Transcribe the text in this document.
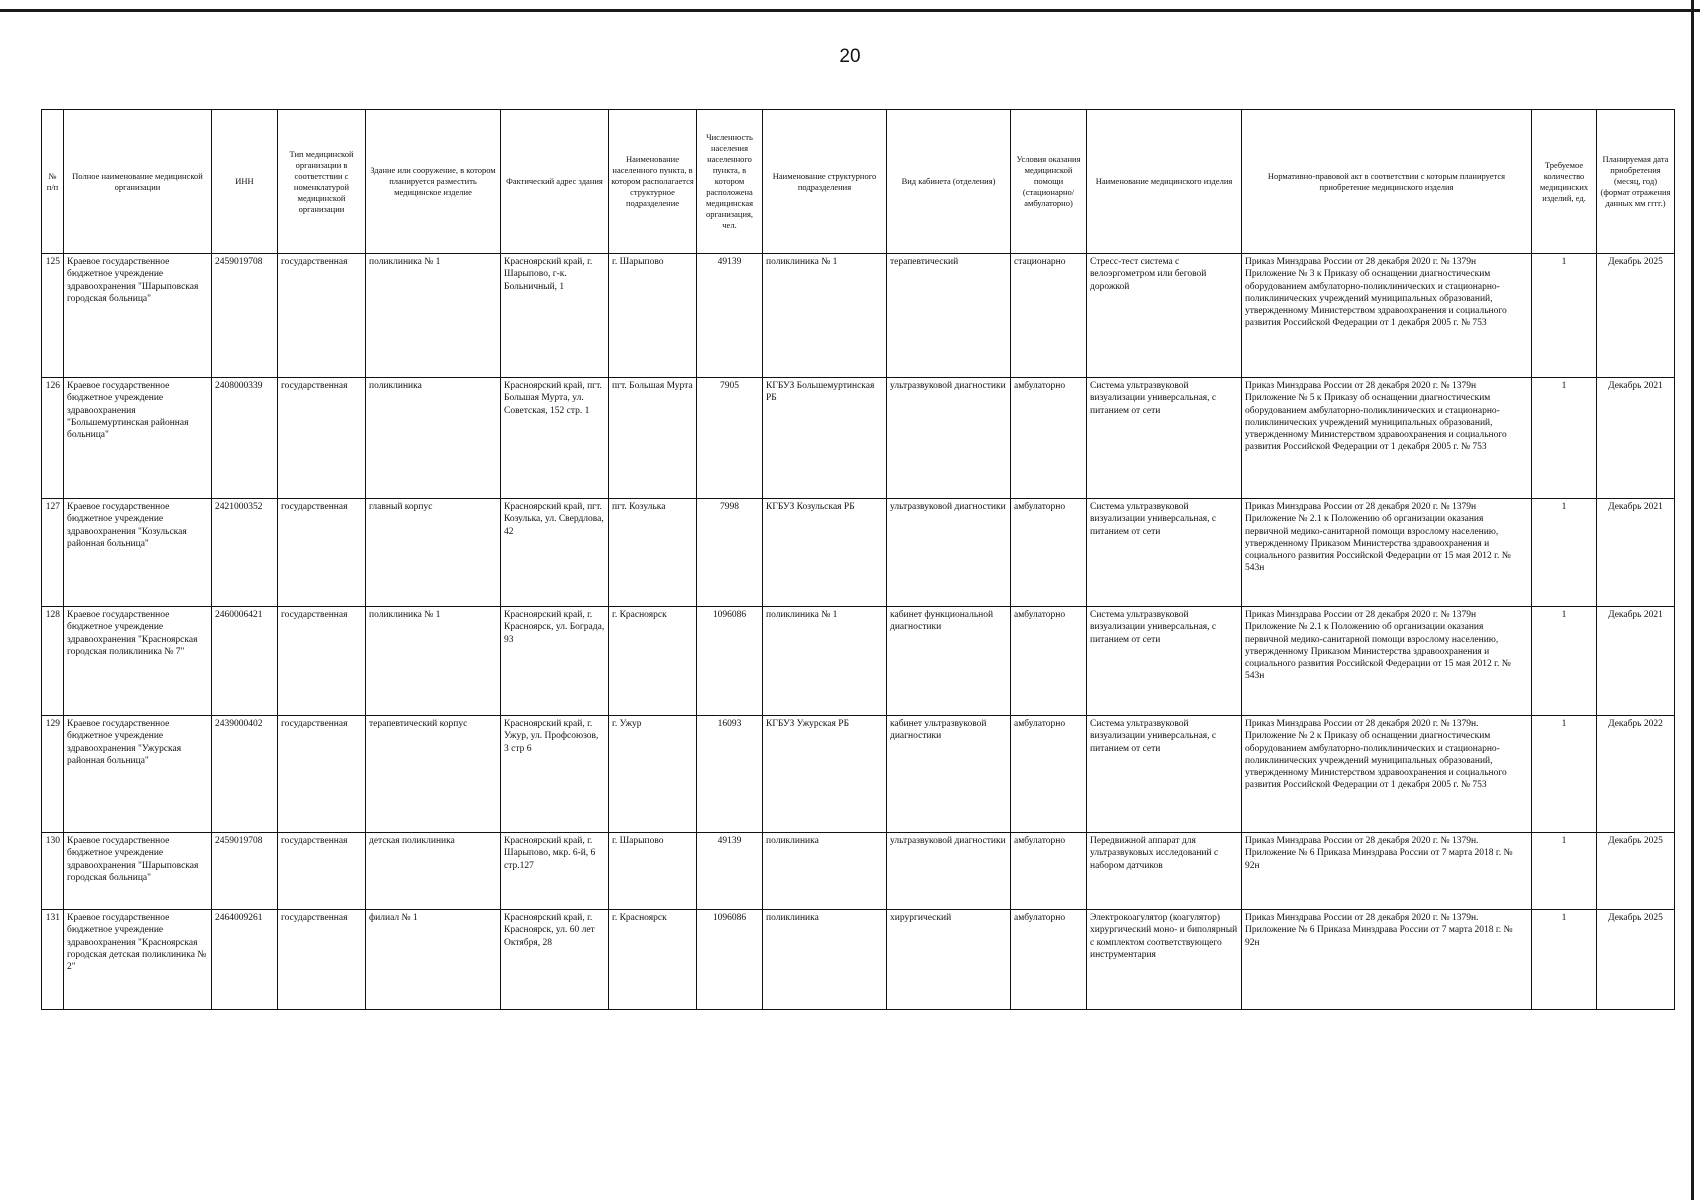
20
№ п/п	Полное наименование медицинской организации	ИНН	Тип медицинской организации в соответствии с номенклатурой медицинской организации	Здание или сооружение, в котором планируется разместить медицинское изделие	Фактический адрес здания	Наименование населенного пункта, в котором располагается структурное подразделение	Численность населения населенного пункта, в котором расположена медицинская организация, чел.	Наименование структурного подразделения	Вид кабинета (отделения)	Условия оказания медицинской помощи (стационарно/ амбулаторно)	Наименование медицинского изделия	Нормативно-правовой акт в соответствии с которым планируется приобретение медицинского изделия	Требуемое количество медицинских изделий, ед.	Планируемая дата приобретения (месяц, год) (формат отражения данных мм гггг.)
125	Краевое государственное бюджетное учреждение здравоохранения "Шарыповская городская больница"	2459019708	государственная	поликлиника № 1	Красноярский край, г. Шарыпово, г-к. Больничный, 1	г. Шарыпово	49139	поликлиника № 1	терапевтический	стационарно	Стресс-тест система с велоэргометром или беговой дорожкой	Приказ Минздрава России от 28 декабря 2020 г. № 1379н Приложение № 3 к Приказу об оснащении диагностическим оборудованием амбулаторно-поликлинических и стационарно-поликлинических учреждений муниципальных образований, утвержденному Министерством здравоохранения и социального развития Российской Федерации от 1 декабря 2005 г. № 753	1	Декабрь 2025
126	Краевое государственное бюджетное учреждение здравоохранения "Большемуртинская районная больница"	2408000339	государственная	поликлиника	Красноярский край, пгт. Большая Мурта, ул. Советская, 152 стр. 1	пгт. Большая Мурта	7905	КГБУЗ Большемуртинская РБ	ультразвуковой диагностики	амбулаторно	Система ультразвуковой визуализации универсальная, с питанием от сети	Приказ Минздрава России от 28 декабря 2020 г. № 1379н Приложение № 5 к Приказу об оснащении диагностическим оборудованием амбулаторно-поликлинических и стационарно-поликлинических учреждений муниципальных образований, утвержденному Министерством здравоохранения и социального развития Российской Федерации от 1 декабря 2005 г. № 753	1	Декабрь 2021
127	Краевое государственное бюджетное учреждение здравоохранения "Козульская районная больница"	2421000352	государственная	главный корпус	Красноярский край, пгт. Козулька, ул. Свердлова, 42	пгт. Козулька	7998	КГБУЗ Козульская РБ	ультразвуковой диагностики	амбулаторно	Система ультразвуковой визуализации универсальная, с питанием от сети	Приказ Минздрава России от 28 декабря 2020 г. № 1379н Приложение № 2.1 к Положению об организации оказания первичной медико-санитарной помощи взрослому населению, утвержденному Приказом Министерства здравоохранения и социального развития Российской Федерации от 15 мая 2012 г. № 543н	1	Декабрь 2021
128	Краевое государственное бюджетное учреждение здравоохранения "Красноярская городская поликлиника № 7"	2460006421	государственная	поликлиника № 1	Красноярский край, г. Красноярск, ул. Бограда, 93	г. Красноярск	1096086	поликлиника № 1	кабинет функциональной диагностики	амбулаторно	Система ультразвуковой визуализации универсальная, с питанием от сети	Приказ Минздрава России от 28 декабря 2020 г. № 1379н Приложение № 2.1 к Положению об организации оказания первичной медико-санитарной помощи взрослому населению, утвержденному Приказом Министерства здравоохранения и социального развития Российской Федерации от 15 мая 2012 г. № 543н	1	Декабрь 2021
129	Краевое государственное бюджетное учреждение здравоохранения "Ужурская районная больница"	2439000402	государственная	терапевтический корпус	Красноярский край, г. Ужур, ул. Профсоюзов, 3 стр 6	г. Ужур	16093	КГБУЗ Ужурская РБ	кабинет ультразвуковой диагностики	амбулаторно	Система ультразвуковой визуализации универсальная, с питанием от сети	Приказ Минздрава России от 28 декабря 2020 г. № 1379н. Приложение № 2 к Приказу об оснащении диагностическим оборудованием амбулаторно-поликлинических и стационарно-поликлинических учреждений муниципальных образований, утвержденному Министерством здравоохранения и социального развития Российской Федерации от 1 декабря 2005 г. № 753	1	Декабрь 2022
130	Краевое государственное бюджетное учреждение здравоохранения "Шарыповская городская больница"	2459019708	государственная	детская поликлиника	Красноярский край, г. Шарыпово, мкр. 6-й, 6 стр.127	г. Шарыпово	49139	поликлиника	ультразвуковой диагностики	амбулаторно	Передвижной аппарат для ультразвуковых исследований с набором датчиков	Приказ Минздрава России от 28 декабря 2020 г. № 1379н. Приложение № 6 Приказа Минздрава России от 7 марта 2018 г. № 92н	1	Декабрь 2025
131	Краевое государственное бюджетное учреждение здравоохранения "Красноярская городская детская поликлиника № 2"	2464009261	государственная	филиал № 1	Красноярский край, г. Красноярск, ул. 60 лет Октября, 28	г. Красноярск	1096086	поликлиника	хирургический	амбулаторно	Электрокоагулятор (коагулятор) хирургический моно- и биполярный с комплектом соответствующего инструментария	Приказ Минздрава России от 28 декабря 2020 г. № 1379н. Приложение № 6 Приказа Минздрава России от 7 марта 2018 г. № 92н	1	Декабрь 2025
